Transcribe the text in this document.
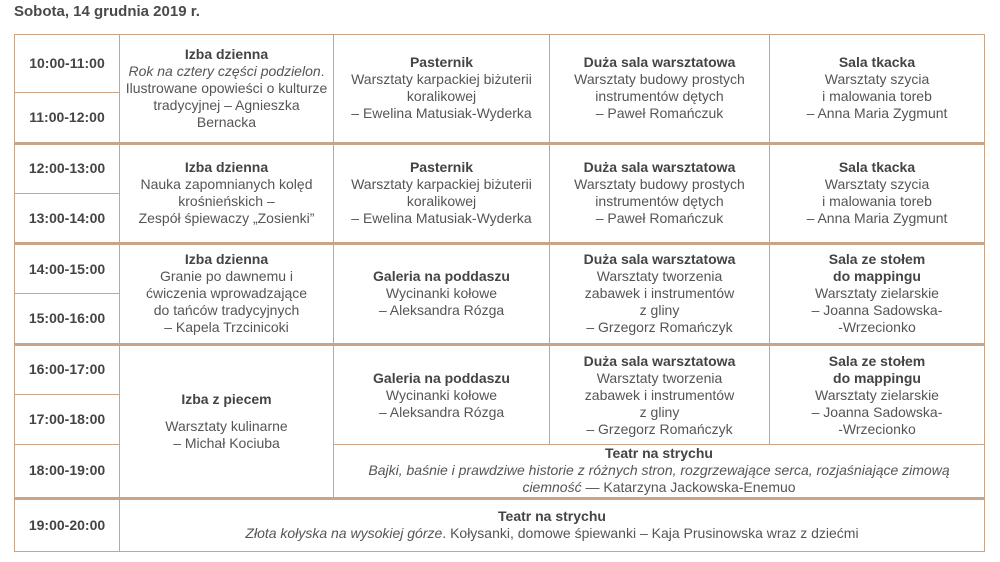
Sobota, 14 grudnia 2019 r.
10:00-11:00	Izba dzienna
Rok na cztery części podzielon. Ilustrowane opowieści o kulturze tradycyjnej – Agnieszka Bernacka	Pasternik
Warsztaty karpackiej biżuterii
koralikowej
– Ewelina Matusiak-Wyderka	Duża sala warsztatowa
Warsztaty budowy prostych
instrumentów dętych
– Paweł Romańczuk	Sala tkacka
Warsztaty szycia
i malowania toreb
– Anna Maria Zygmunt

11:00-12:00				
12:00-13:00	Izba dzienna
Nauka zapomnianych kolęd
krośnieńskich –
Zespół śpiewaczy „Zosienki”	Pasternik
Warsztaty karpackiej biżuterii
koralikowej
– Ewelina Matusiak-Wyderka	Duża sala warsztatowa
Warsztaty budowy prostych
instrumentów dętych
– Paweł Romańczuk	Sala tkacka
Warsztaty szycia
i malowania toreb
– Anna Maria Zygmunt

13:00-14:00				
14:00-15:00	Izba dzienna
Granie po dawnemu i
ćwiczenia wprowadzające
do tańców tradycyjnych
– Kapela Trzcinicoki	Galeria na poddaszu
Wycinanki kołowe
– Aleksandra Rózga	Duża sala warsztatowa
Warsztaty tworzenia
zabawek i instrumentów
z gliny
– Grzegorz Romańczyk	Sala ze stołem
do mappingu
Warsztaty zielarskie
– Joanna Sadowska-
-Wrzecionko

15:00-16:00				
16:00-17:00	Izba z piecem
Warsztaty kulinarne
– Michał Kociuba	Galeria na poddaszu
Wycinanki kołowe
– Aleksandra Rózga	Duża sala warsztatowa
Warsztaty tworzenia
zabawek i instrumentów
z gliny
– Grzegorz Romańczyk	Sala ze stołem
do mappingu
Warsztaty zielarskie
– Joanna Sadowska-
-Wrzecionko

17:00-18:00				
18:00-19:00		Teatr na strychu
Bajki, baśnie i prawdziwe historie z różnych stron, rozgrzewające serca, rozjaśniające zimową ciemność — Katarzyna Jackowska-Enemuo		
19:00-20:00	Teatr na strychu
Złota kołyska na wysokiej górze. Kołysanki, domowe śpiewanki – Kaja Prusinowska wraz z dziećmi			
